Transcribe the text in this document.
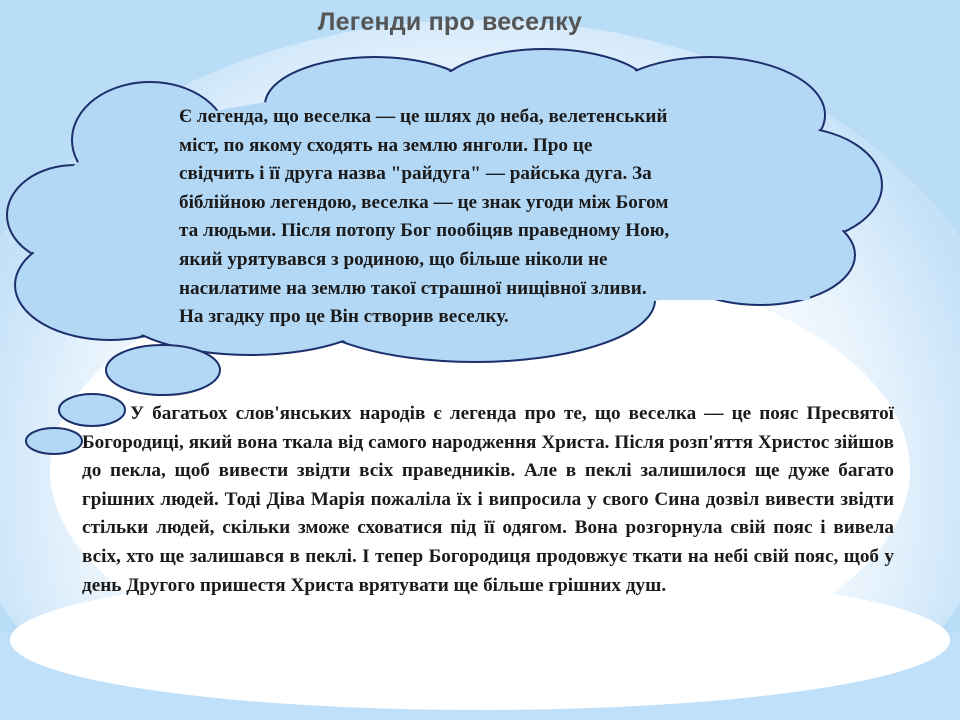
Легенди про веселку
Є легенда, що веселка — це шлях до неба, велетенський
міст, по якому сходять на землю янголи. Про це
свідчить і її друга назва "райдуга" — райська дуга. За
біблійною легендою, веселка — це знак угоди між Богом
та людьми. Після потопу Бог пообіцяв праведному Ною,
який урятувався з родиною, що більше ніколи не
насилатиме на землю такої страшної нищівної зливи.
На згадку про це Він створив веселку.
У багатьох слов'янських народів є легенда про те, що веселка — це пояс Пресвятої Богородиці, який вона ткала від самого народження Христа. Після розп'яття Христос зійшов до пекла, щоб вивести звідти всіх праведників. Але в пеклі залишилося ще дуже багато грішних людей. Тоді Діва Марія пожаліла їх і випросила у свого Сина дозвіл вивести звідти стільки людей, скільки зможе сховатися під її одягом. Вона розгорнула свій пояс і вивела всіх, хто ще залишався в пеклі. І тепер Богородиця продовжує ткати на небі свій пояс, щоб у день Другого пришестя Христа врятувати ще більше грішних душ.
